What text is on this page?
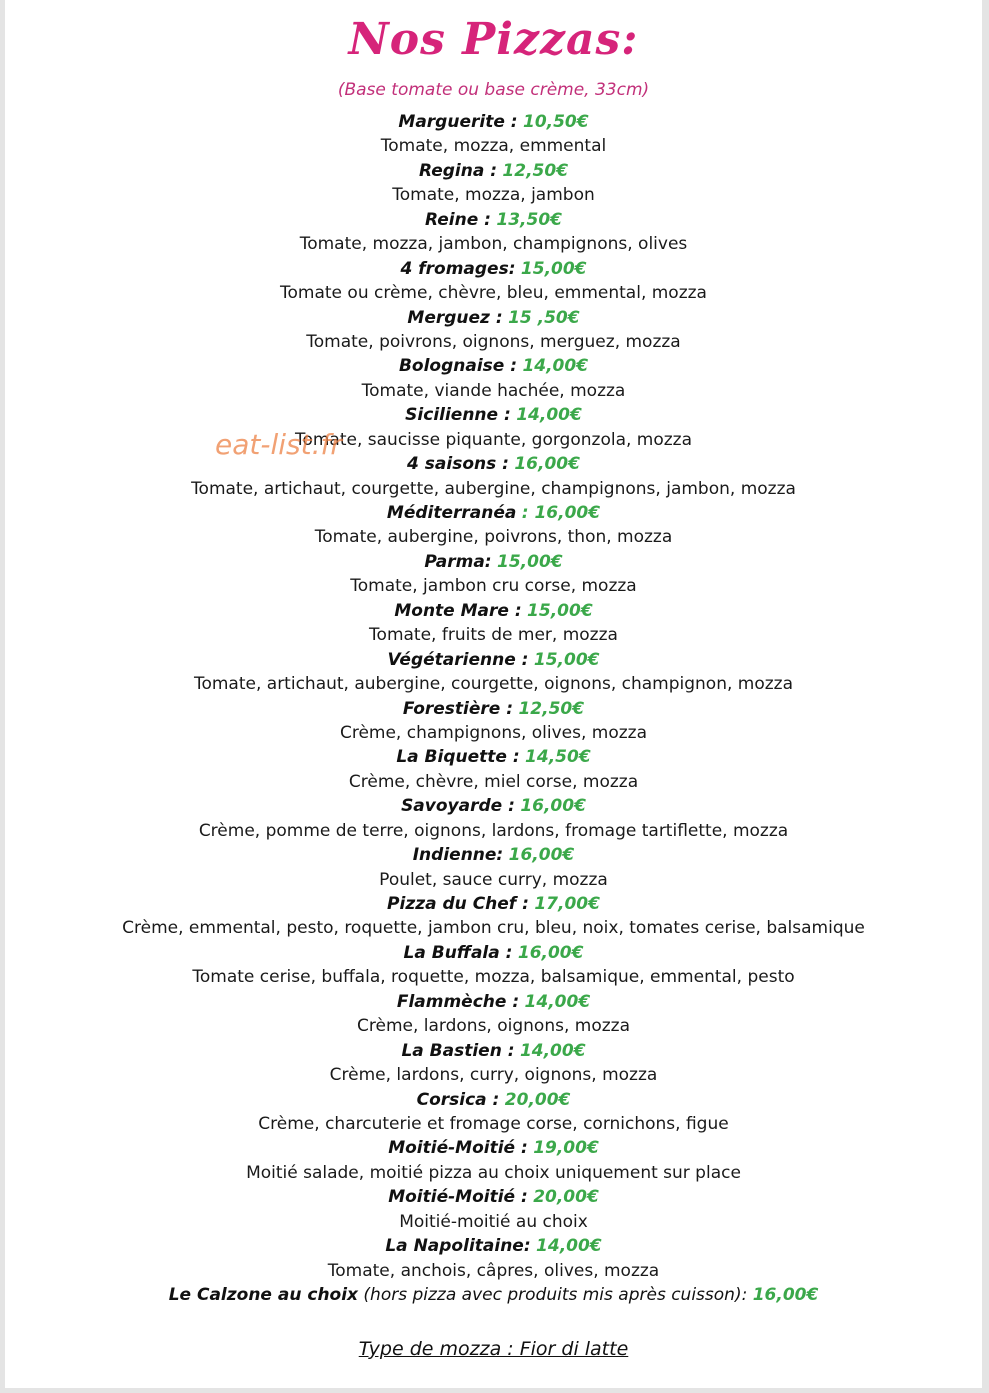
Nos Pizzas:
(Base tomate ou base crème, 33cm)
Marguerite : 10,50€
Tomate, mozza, emmental
Regina : 12,50€
Tomate, mozza, jambon
Reine : 13,50€
Tomate, mozza, jambon, champignons, olives
4 fromages: 15,00€
Tomate ou crème, chèvre, bleu, emmental, mozza
Merguez : 15 ,50€
Tomate, poivrons, oignons, merguez, mozza
Bolognaise : 14,00€
Tomate, viande hachée, mozza
Sicilienne : 14,00€
Tomate, saucisse piquante, gorgonzola, mozza
4 saisons : 16,00€
Tomate, artichaut, courgette, aubergine, champignons, jambon, mozza
Méditerranéa : 16,00€
Tomate, aubergine, poivrons, thon, mozza
Parma: 15,00€
Tomate, jambon cru corse, mozza
Monte Mare : 15,00€
Tomate, fruits de mer, mozza
Végétarienne : 15,00€
Tomate, artichaut, aubergine, courgette, oignons, champignon, mozza
Forestière : 12,50€
Crème, champignons, olives, mozza
La Biquette : 14,50€
Crème, chèvre, miel corse, mozza
Savoyarde : 16,00€
Crème, pomme de terre, oignons, lardons, fromage tartiflette, mozza
Indienne: 16,00€
Poulet, sauce curry, mozza
Pizza du Chef : 17,00€
Crème, emmental, pesto, roquette, jambon cru, bleu, noix, tomates cerise, balsamique
La Buffala : 16,00€
Tomate cerise, buffala, roquette, mozza, balsamique, emmental, pesto
Flammèche : 14,00€
Crème, lardons, oignons, mozza
La Bastien : 14,00€
Crème, lardons, curry, oignons, mozza
Corsica : 20,00€
Crème, charcuterie et fromage corse, cornichons, figue
Moitié-Moitié : 19,00€
Moitié salade, moitié pizza au choix uniquement sur place
Moitié-Moitié : 20,00€
Moitié-moitié au choix
La Napolitaine: 14,00€
Tomate, anchois, câpres, olives, mozza
Le Calzone au choix (hors pizza avec produits mis après cuisson): 16,00€
eat-list.fr
Type de mozza : Fior di latte
